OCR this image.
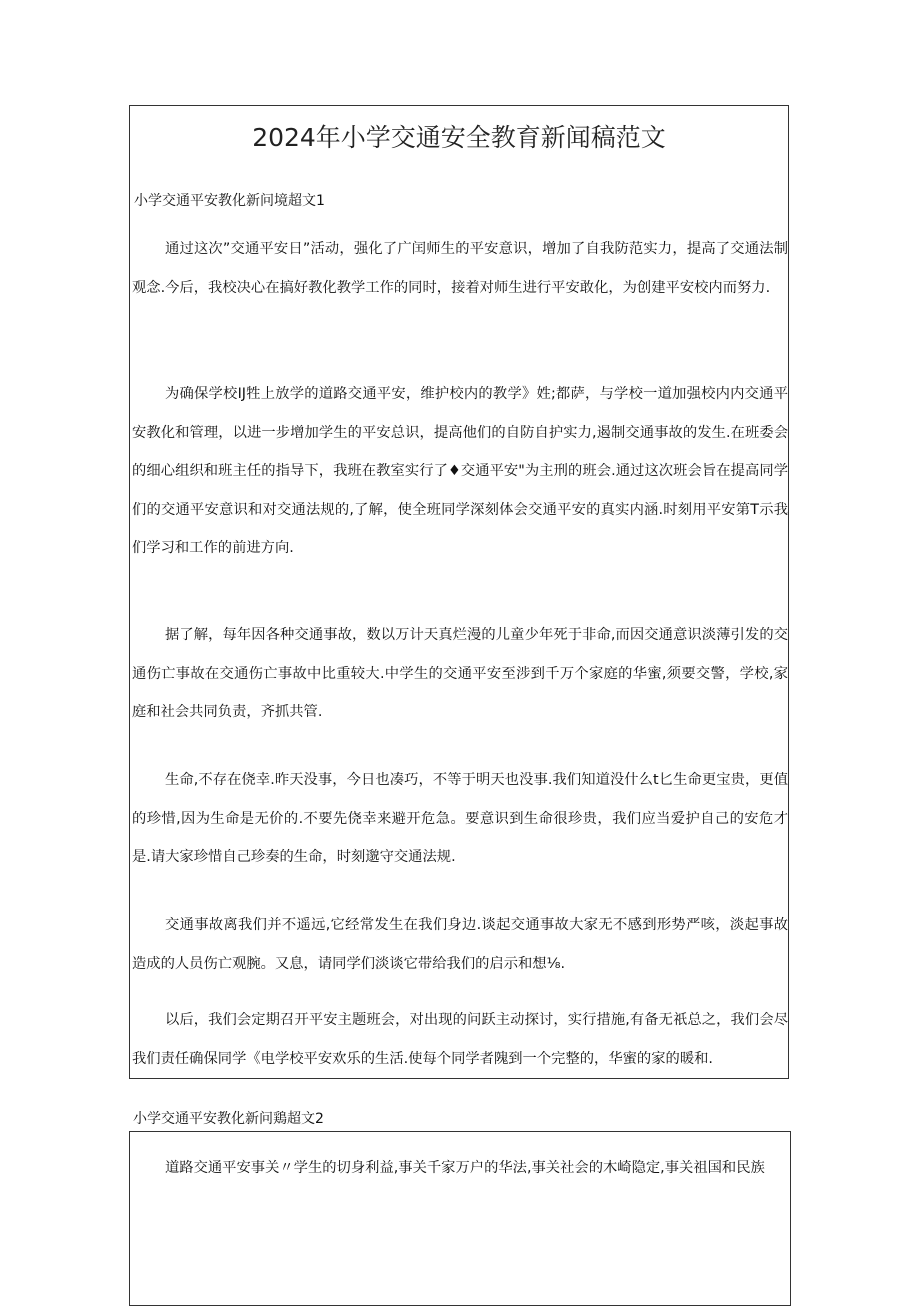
2024年小学交通安全教育新闻稿范文
小学交通平安教化新问境超文1

通过这次”交通平安日”活动，强化了广闰师生的平安意识，增加了自我防范实力，提高了交通法制观念.今后，我校决心在搞好教化教学工作的同时，接着对师生进行平安敢化，为创建平安校内而努力.

为确保学校IJ牲上放学的道路交通平安，维护校内的教学》姓;都萨，与学校一道加强校内内交通平安教化和管理，以进一步增加学生的平安总识，提高他们的自防自护实力,遏制交通事故的发生.在班委会的细心组织和班主任的指导下，我班在教室实行了♦交通平安"为主刑的班会.通过这次班会旨在提高同学们的交通平安意识和对交通法规的,了解，使全班同学深刻体会交通平安的真实内涵.时刻用平安第T示我们学习和工作的前进方向.

据了解，每年因各种交通事故，数以万计天真烂漫的儿童少年死于非命,而因交通意识淡薄引发的交通伤亡事故在交通伤亡事故中比重较大.中学生的交通平安至涉到千万个家庭的华蜜,须要交警，学校,家庭和社会共同负责，齐抓共管.

生命,不存在侥幸.昨天没事，今日也凑巧，不等于明天也没事.我们知道没什么t匕生命更宝贵，更值的珍惜,因为生命是无价的.不要先侥幸来避开危急。要意识到生命很珍贵，我们应当爱护自己的安危才是.请大家珍惜自己珍奏的生命，时刻邈守交通法规.

交通事故离我们并不遥远,它经常发生在我们身边.谈起交通事故大家无不感到形势严咳，淡起事故造成的人员伤亡观腕。又息，请同学们淡谈它带给我们的启示和想⅛.

以后，我们会定期召开平安主题班会，对出现的问跃主动探讨，实行措施,有备无祇总之，我们会尽我们责任确保同学《电学校平安欢乐的生活.使每个同学者隗到一个完整的，华蜜的家的暖和.

小学交通平安教化新问鶏超文2

道路交通平安事关〃学生的切身利益,事关千家万户的华法,事关社会的木崎隐定,事关祖国和民族
